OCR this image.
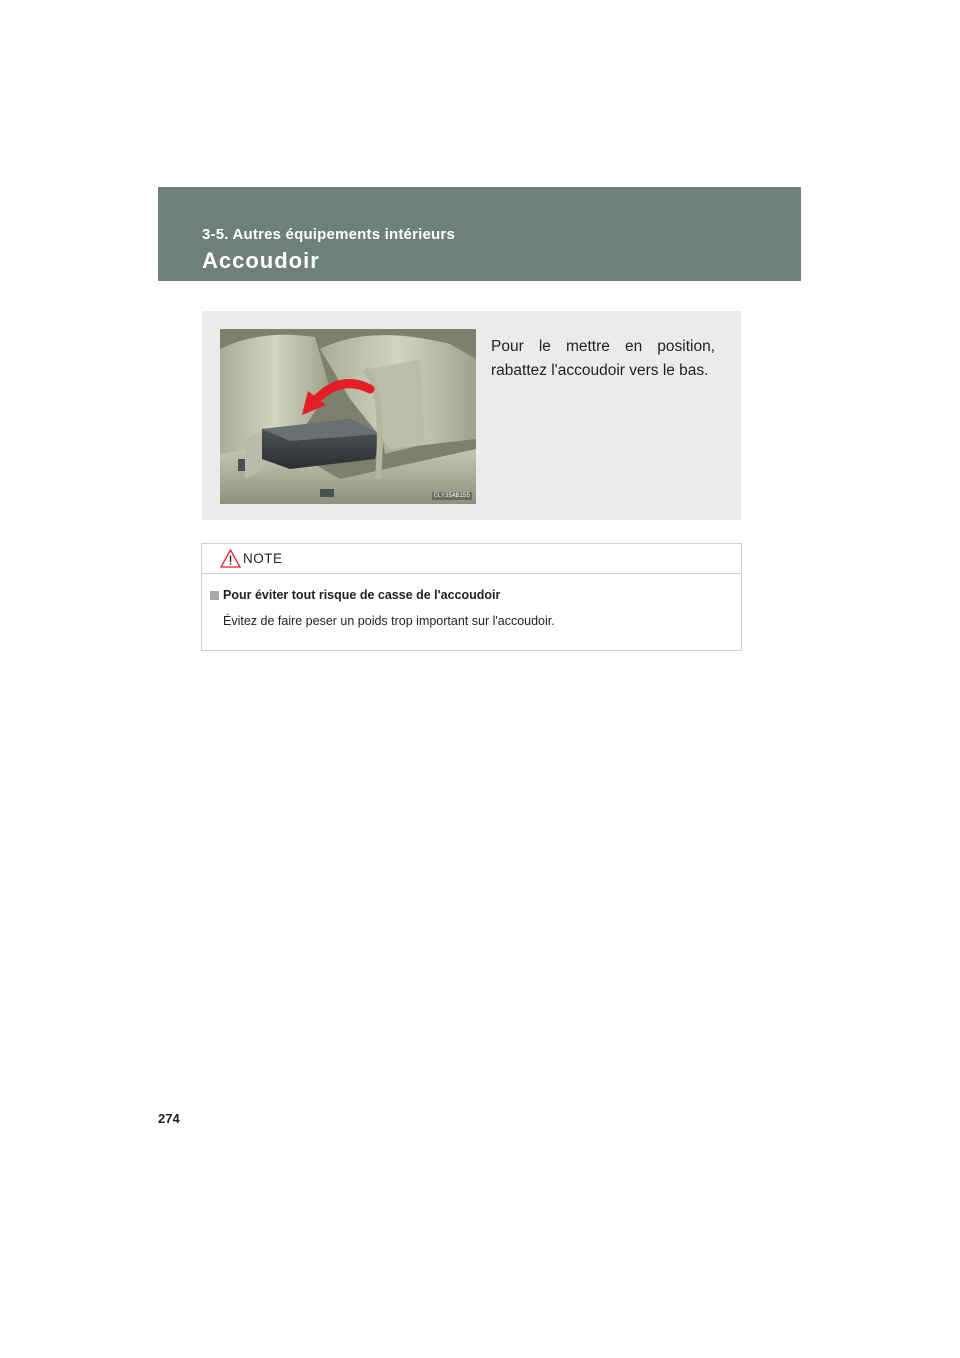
3-5. Autres équipements intérieurs
Accoudoir
CLY35AB155
Pour le mettre en position, rabattez l'accoudoir vers le bas.
NOTE
Pour éviter tout risque de casse de l'accoudoir
Évitez de faire peser un poids trop important sur l'accoudoir.
274
